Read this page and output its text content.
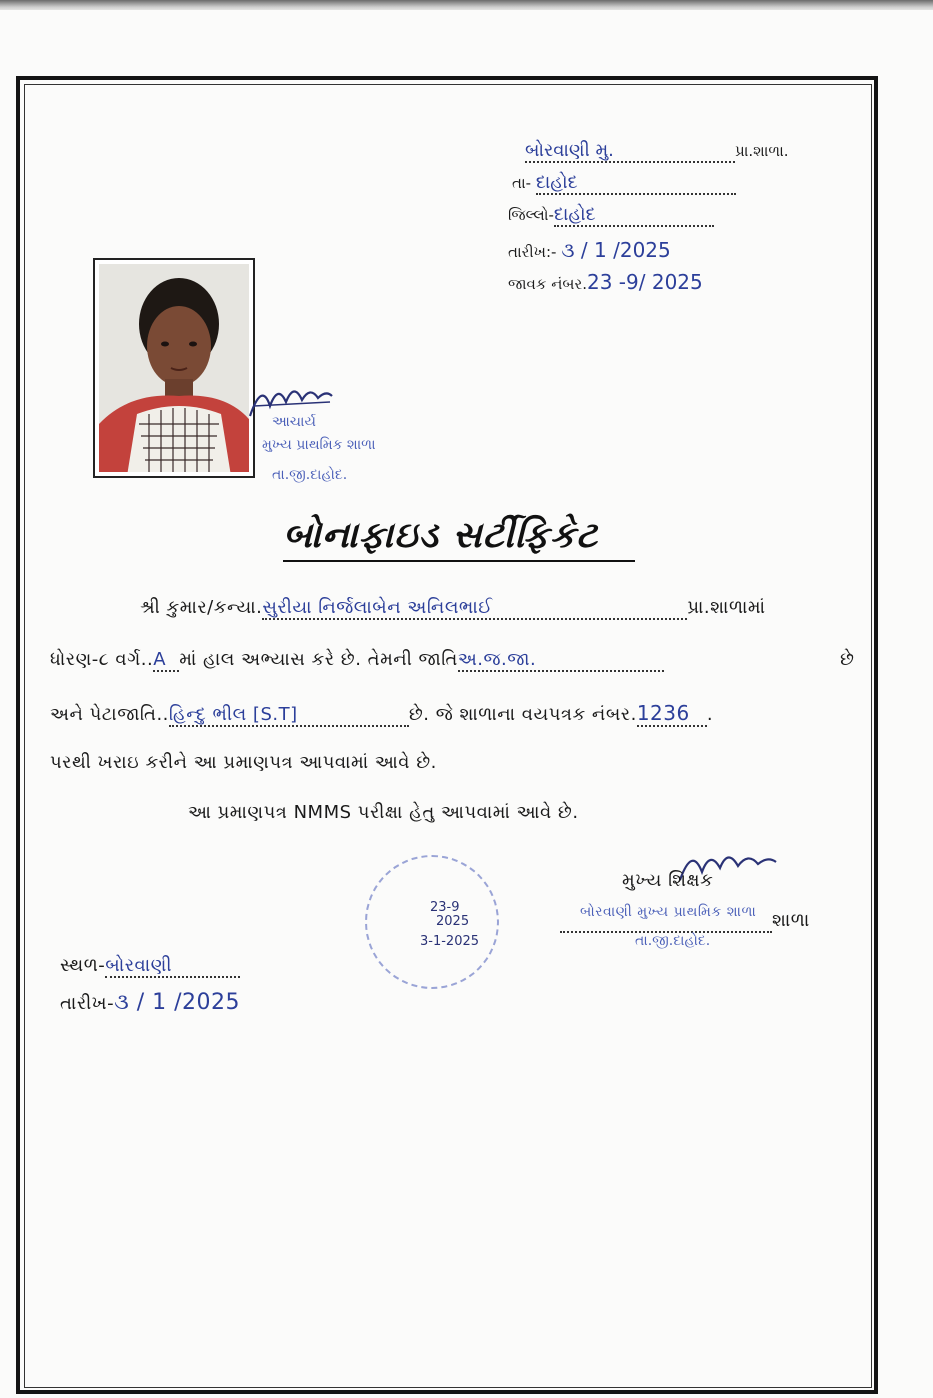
બોરવાણી મુ.	પ્રા.શાળા.
તા- દાહોદ
જિલ્લો-દાહોદ
તારીખ:- ૩ / 1 /2025
જાવક નંબર.23 -9/ 2025
આચાર્ય
મુખ્ય પ્રાથમિક શાળા
તા.જી.દાહોદ.
બોનાફાઇડ સર્ટીફિકેટ
શ્રી કુમાર/કન્યા.સુરીયા નિર્જલાબેન અનિલભાઈ	પ્રા.શાળામાં
ધોરણ-૮ વર્ગ..A માં હાલ અભ્યાસ કરે છે. તેમની જાતિઅ.જ.જા.	છે
અને પેટાજાતિ..હિન્દુ ભીલ [S.T]	છે. જે શાળાના વયપત્રક નંબર.1236 .
પરથી ખરાઇ કરીને આ પ્રમાણપત્ર આપવામાં આવે છે.
આ પ્રમાણપત્ર NMMS પરીક્ષા હેતુ આપવામાં આવે છે.
23-9
2025
3-1-2025
મુખ્ય શિક્ષક
બોરવાણી મુખ્ય પ્રાથમિક શાળા શાળા
તા.જી.દાહોદ.
સ્થળ-બોરવાણી
તારીખ-૩ / 1 /2025
